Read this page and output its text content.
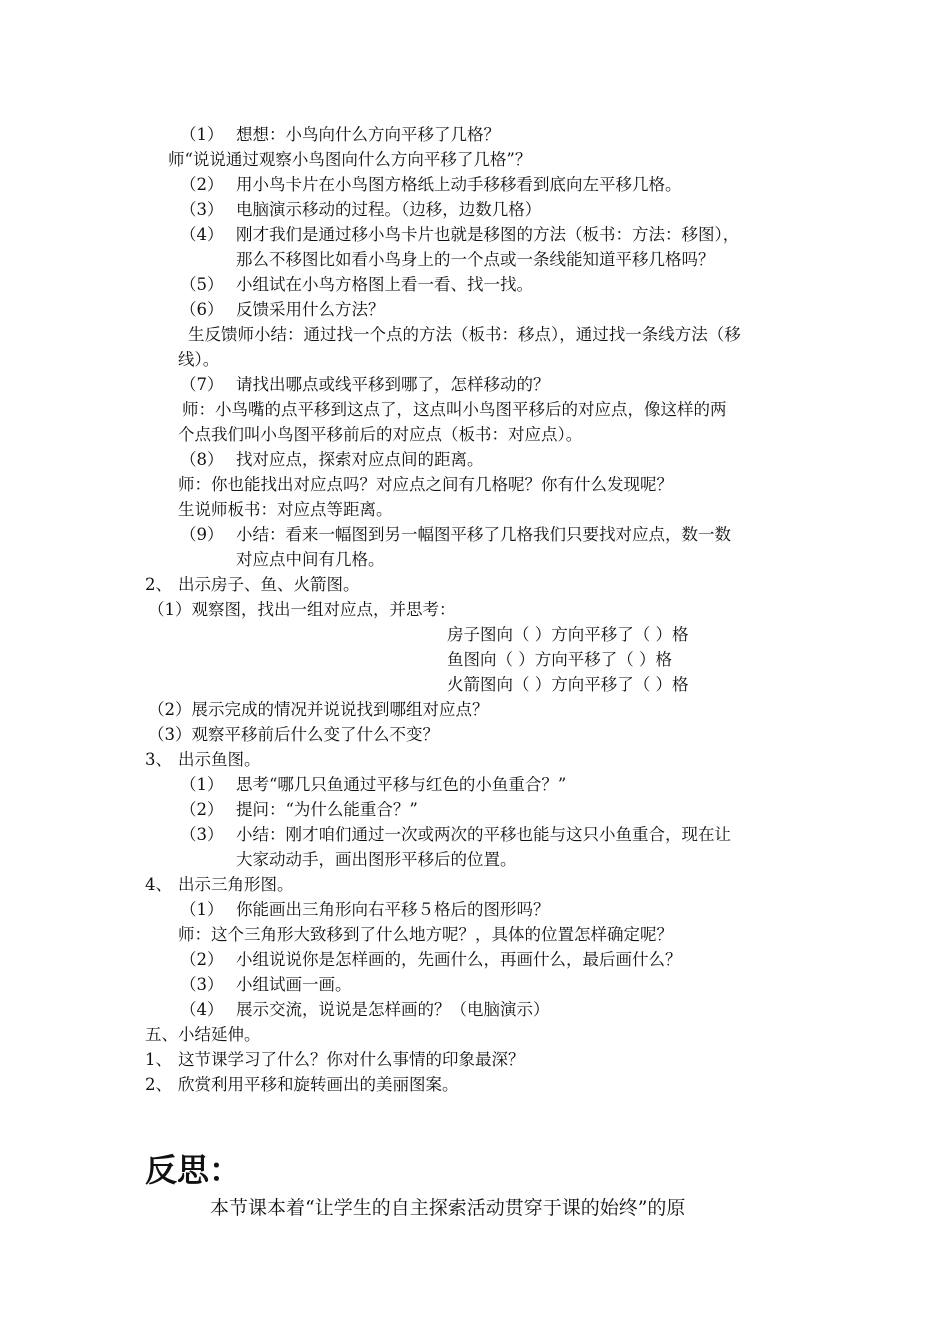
（1） 想想：小鸟向什么方向平移了几格？
师“说说通过观察小鸟图向什么方向平移了几格”？
（2） 用小鸟卡片在小鸟图方格纸上动手移移看到底向左平移几格。
（3） 电脑演示移动的过程。（边移，边数几格）
（4） 刚才我们是通过移小鸟卡片也就是移图的方法（板书：方法：移图），
那么不移图比如看小鸟身上的一个点或一条线能知道平移几格吗？
（5） 小组试在小鸟方格图上看一看、找一找。
（6） 反馈采用什么方法？
生反馈师小结：通过找一个点的方法（板书：移点），通过找一条线方法（移
线）。
（7） 请找出哪点或线平移到哪了，怎样移动的？
师：小鸟嘴的点平移到这点了，这点叫小鸟图平移后的对应点，像这样的两
个点我们叫小鸟图平移前后的对应点（板书：对应点）。
（8） 找对应点，探索对应点间的距离。
师：你也能找出对应点吗？对应点之间有几格呢？你有什么发现呢？
生说师板书：对应点等距离。
（9） 小结：看来一幅图到另一幅图平移了几格我们只要找对应点，数一数
对应点中间有几格。
2、 出示房子、鱼、火箭图。
（1）观察图，找出一组对应点，并思考：
房子图向（ ）方向平移了（ ）格
鱼图向（ ）方向平移了（ ）格
火箭图向（ ）方向平移了（ ）格
（2）展示完成的情况并说说找到哪组对应点？
（3）观察平移前后什么变了什么不变？
3、 出示鱼图。
（1） 思考“哪几只鱼通过平移与红色的小鱼重合？”
（2） 提问：“为什么能重合？”
（3） 小结：刚才咱们通过一次或两次的平移也能与这只小鱼重合，现在让
大家动动手，画出图形平移后的位置。
4、 出示三角形图。
（1） 你能画出三角形向右平移５格后的图形吗？
师：这个三角形大致移到了什么地方呢？，具体的位置怎样确定呢？
（2） 小组说说你是怎样画的，先画什么，再画什么，最后画什么？
（3） 小组试画一画。
（4） 展示交流，说说是怎样画的？（电脑演示）
五、小结延伸。
1、 这节课学习了什么？你对什么事情的印象最深？
2、 欣赏利用平移和旋转画出的美丽图案。
反思：
本节课本着“让学生的自主探索活动贯穿于课的始终”的原
